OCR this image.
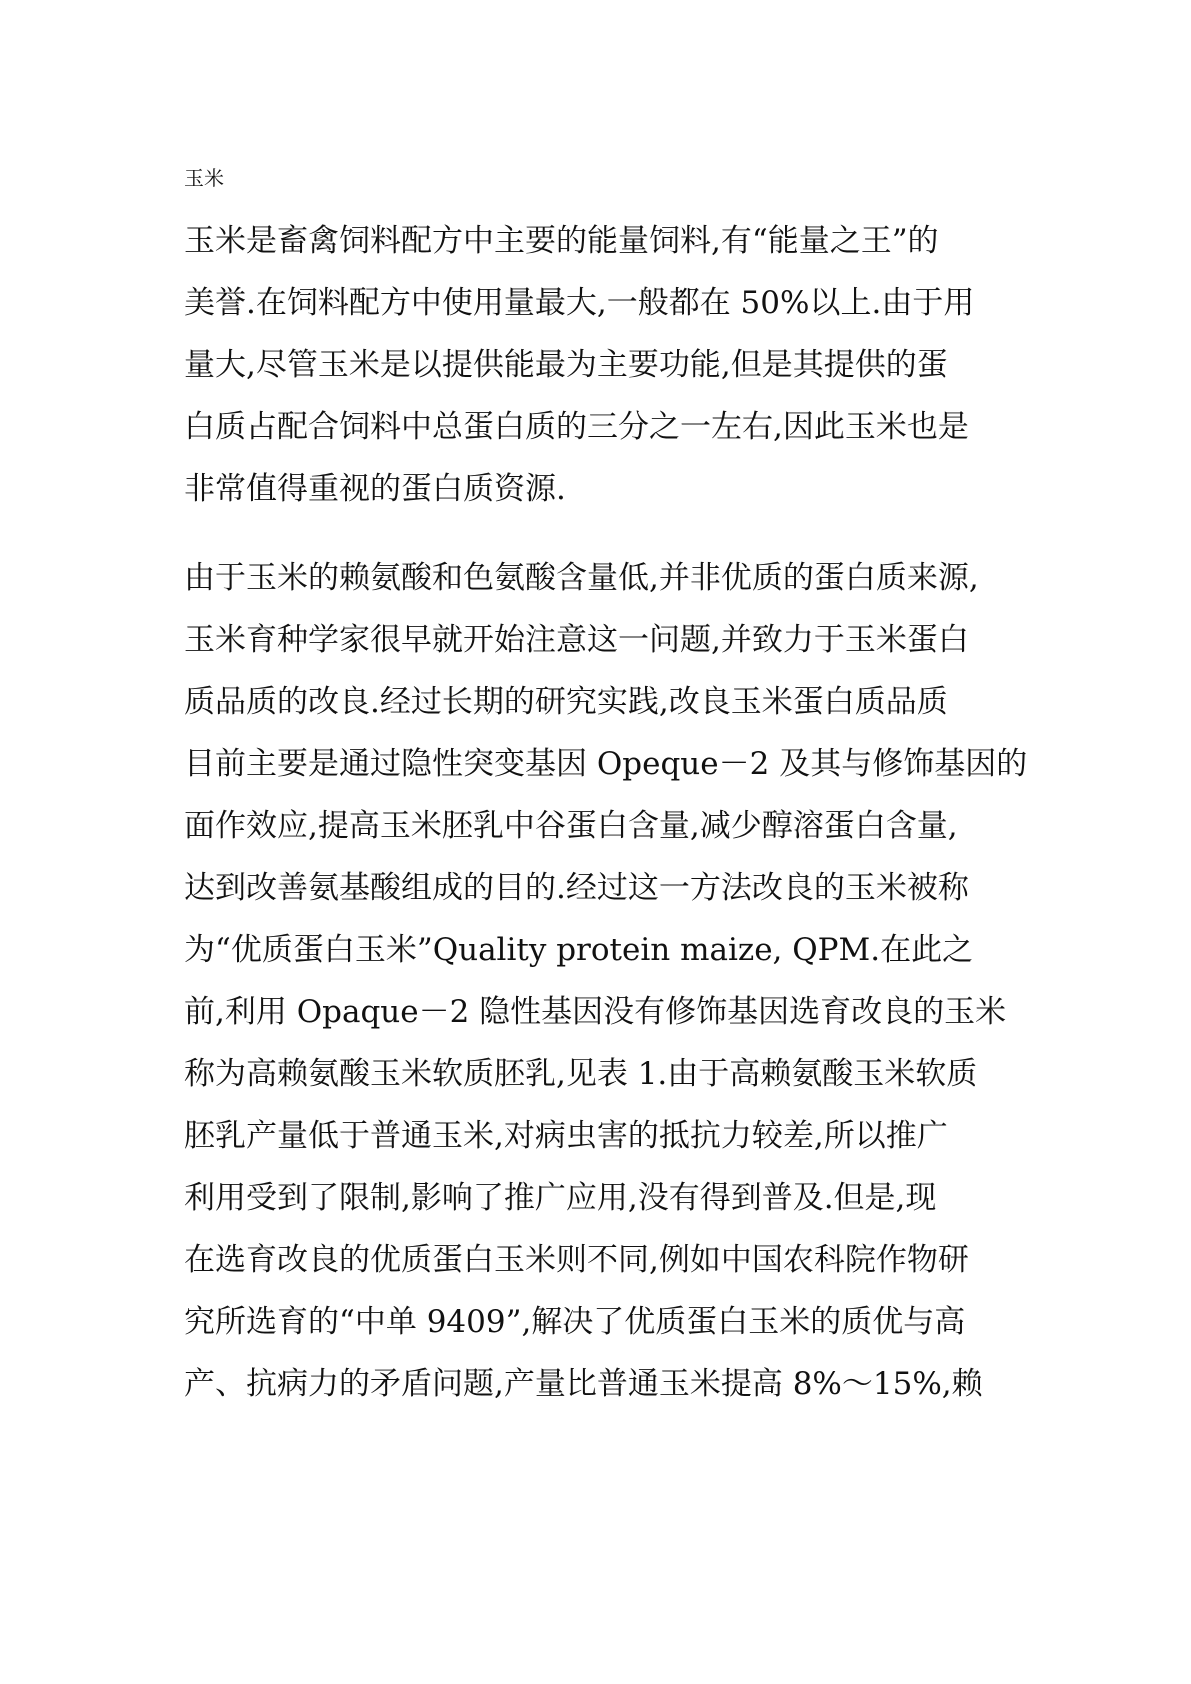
玉米
玉米是畜禽饲料配方中主要的能量饲料,有“能量之王”的
美誉.在饲料配方中使用量最大,一般都在 50%以上.由于用
量大,尽管玉米是以提供能最为主要功能,但是其提供的蛋
白质占配合饲料中总蛋白质的三分之一左右,因此玉米也是
非常值得重视的蛋白质资源.
由于玉米的赖氨酸和色氨酸含量低,并非优质的蛋白质来源,
玉米育种学家很早就开始注意这一问题,并致力于玉米蛋白
质品质的改良.经过长期的研究实践,改良玉米蛋白质品质
目前主要是通过隐性突变基因 Opeque－2 及其与修饰基因的
面作效应,提高玉米胚乳中谷蛋白含量,减少醇溶蛋白含量,
达到改善氨基酸组成的目的.经过这一方法改良的玉米被称
为“优质蛋白玉米”Quality protein maize, QPM.在此之
前,利用 Opaque－2 隐性基因没有修饰基因选育改良的玉米
称为高赖氨酸玉米软质胚乳,见表 1.由于高赖氨酸玉米软质
胚乳产量低于普通玉米,对病虫害的抵抗力较差,所以推广
利用受到了限制,影响了推广应用,没有得到普及.但是,现
在选育改良的优质蛋白玉米则不同,例如中国农科院作物研
究所选育的“中单 9409”,解决了优质蛋白玉米的质优与高
产、抗病力的矛盾问题,产量比普通玉米提高 8%～15%,赖
